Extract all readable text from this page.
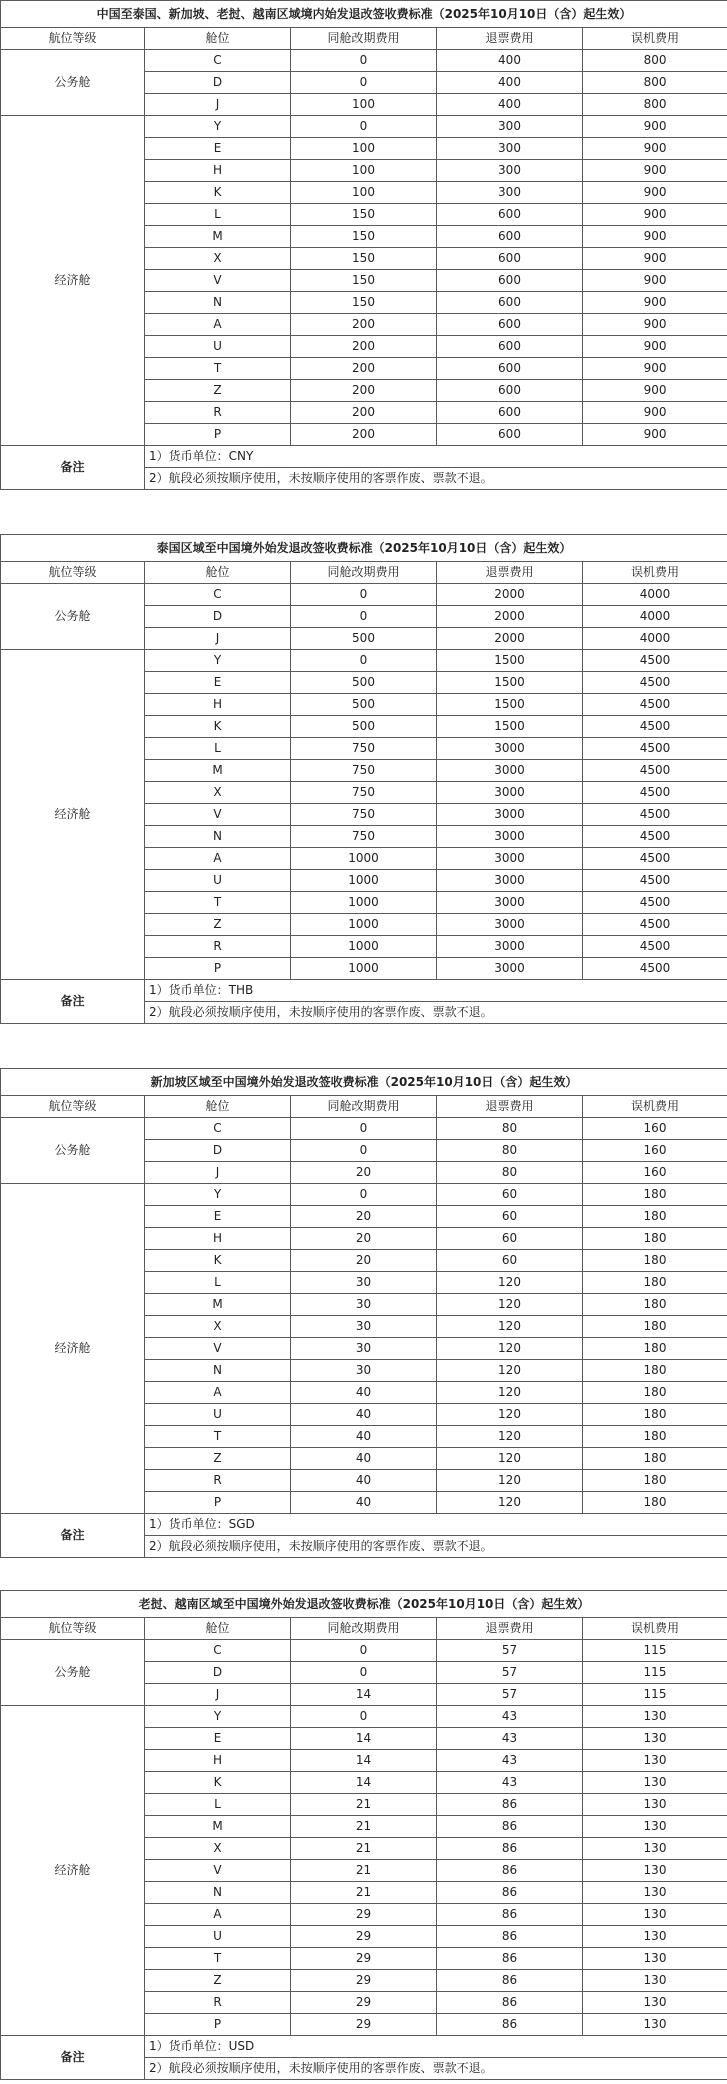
中国至泰国、新加坡、老挝、越南区域境内始发退改签收费标准（2025年10月10日（含）起生效）				
航位等级	舱位	同舱改期费用	退票费用	误机费用
公务舱	C	0	400	800
	D	0	400	800
	J	100	400	800
经济舱	Y	0	300	900
	E	100	300	900
	H	100	300	900
	K	100	300	900
	L	150	600	900
	M	150	600	900
	X	150	600	900
	V	150	600	900
	N	150	600	900
	A	200	600	900
	U	200	600	900
	T	200	600	900
	Z	200	600	900
	R	200	600	900
	P	200	600	900
备注	1）货币单位：CNY			
	2）航段必须按顺序使用，未按顺序使用的客票作废、票款不退。			
泰国区域至中国境外始发退改签收费标准（2025年10月10日（含）起生效）				
航位等级	舱位	同舱改期费用	退票费用	误机费用
公务舱	C	0	2000	4000
	D	0	2000	4000
	J	500	2000	4000
经济舱	Y	0	1500	4500
	E	500	1500	4500
	H	500	1500	4500
	K	500	1500	4500
	L	750	3000	4500
	M	750	3000	4500
	X	750	3000	4500
	V	750	3000	4500
	N	750	3000	4500
	A	1000	3000	4500
	U	1000	3000	4500
	T	1000	3000	4500
	Z	1000	3000	4500
	R	1000	3000	4500
	P	1000	3000	4500
备注	1）货币单位：THB			
	2）航段必须按顺序使用，未按顺序使用的客票作废、票款不退。			
新加坡区域至中国境外始发退改签收费标准（2025年10月10日（含）起生效）				
航位等级	舱位	同舱改期费用	退票费用	误机费用
公务舱	C	0	80	160
	D	0	80	160
	J	20	80	160
经济舱	Y	0	60	180
	E	20	60	180
	H	20	60	180
	K	20	60	180
	L	30	120	180
	M	30	120	180
	X	30	120	180
	V	30	120	180
	N	30	120	180
	A	40	120	180
	U	40	120	180
	T	40	120	180
	Z	40	120	180
	R	40	120	180
	P	40	120	180
备注	1）货币单位：SGD			
	2）航段必须按顺序使用，未按顺序使用的客票作废、票款不退。			
老挝、越南区域至中国境外始发退改签收费标准（2025年10月10日（含）起生效）				
航位等级	舱位	同舱改期费用	退票费用	误机费用
公务舱	C	0	57	115
	D	0	57	115
	J	14	57	115
经济舱	Y	0	43	130
	E	14	43	130
	H	14	43	130
	K	14	43	130
	L	21	86	130
	M	21	86	130
	X	21	86	130
	V	21	86	130
	N	21	86	130
	A	29	86	130
	U	29	86	130
	T	29	86	130
	Z	29	86	130
	R	29	86	130
	P	29	86	130
备注	1）货币单位：USD			
	2）航段必须按顺序使用，未按顺序使用的客票作废、票款不退。			
